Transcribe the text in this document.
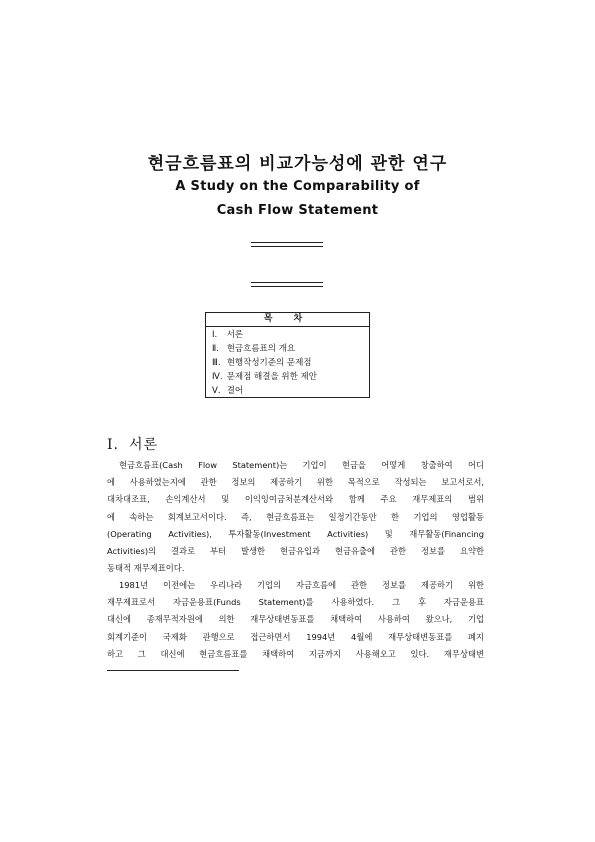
현금흐름표의 비교가능성에 관한 연구
A Study on the Comparability of
Cash Flow Statement
목 차
Ⅰ. 서론
Ⅱ. 현금흐름표의 개요
Ⅲ. 현행작성기준의 문제점
Ⅳ. 문제점 해결을 위한 제안
Ⅴ. 결어
Ⅰ. 서론

현금흐름표(Cash Flow Statement)는 기업이 현금을 어떻게 창출하여 어디
에 사용하였는지에 관한 정보의 제공하기 위한 목적으로 작성되는 보고서로서,
대차대조표, 손익계산서 및 이익잉여금처분계산서와 함께 주요 재무제표의 범위
에 속하는 회계보고서이다. 즉, 현금흐름표는 일정기간동안 한 기업의 영업활동
(Operating Activities), 투자활동(Investment Activities) 및 재무활동(Financing
Activities)의 결과로 부터 발생한 현금유입과 현금유출에 관한 정보를 요약한
동태적 재무제표이다.

1981년 이전에는 우리나라 기업의 자금흐름에 관한 정보를 제공하기 위한
재무제표로서 자금운용표(Funds Statement)를 사용하였다. 그 후 자금운용표
대신에 종재무적자원에 의한 재무상태변동표를 채택하여 사용하여 왔으나, 기업
회계기준이 국제화 관행으로 접근하면서 1994년 4월에 재무상태변동표를 폐지
하고 그 대신에 현금흐름표를 채택하여 지금까지 사용해오고 있다. 재무상태변
